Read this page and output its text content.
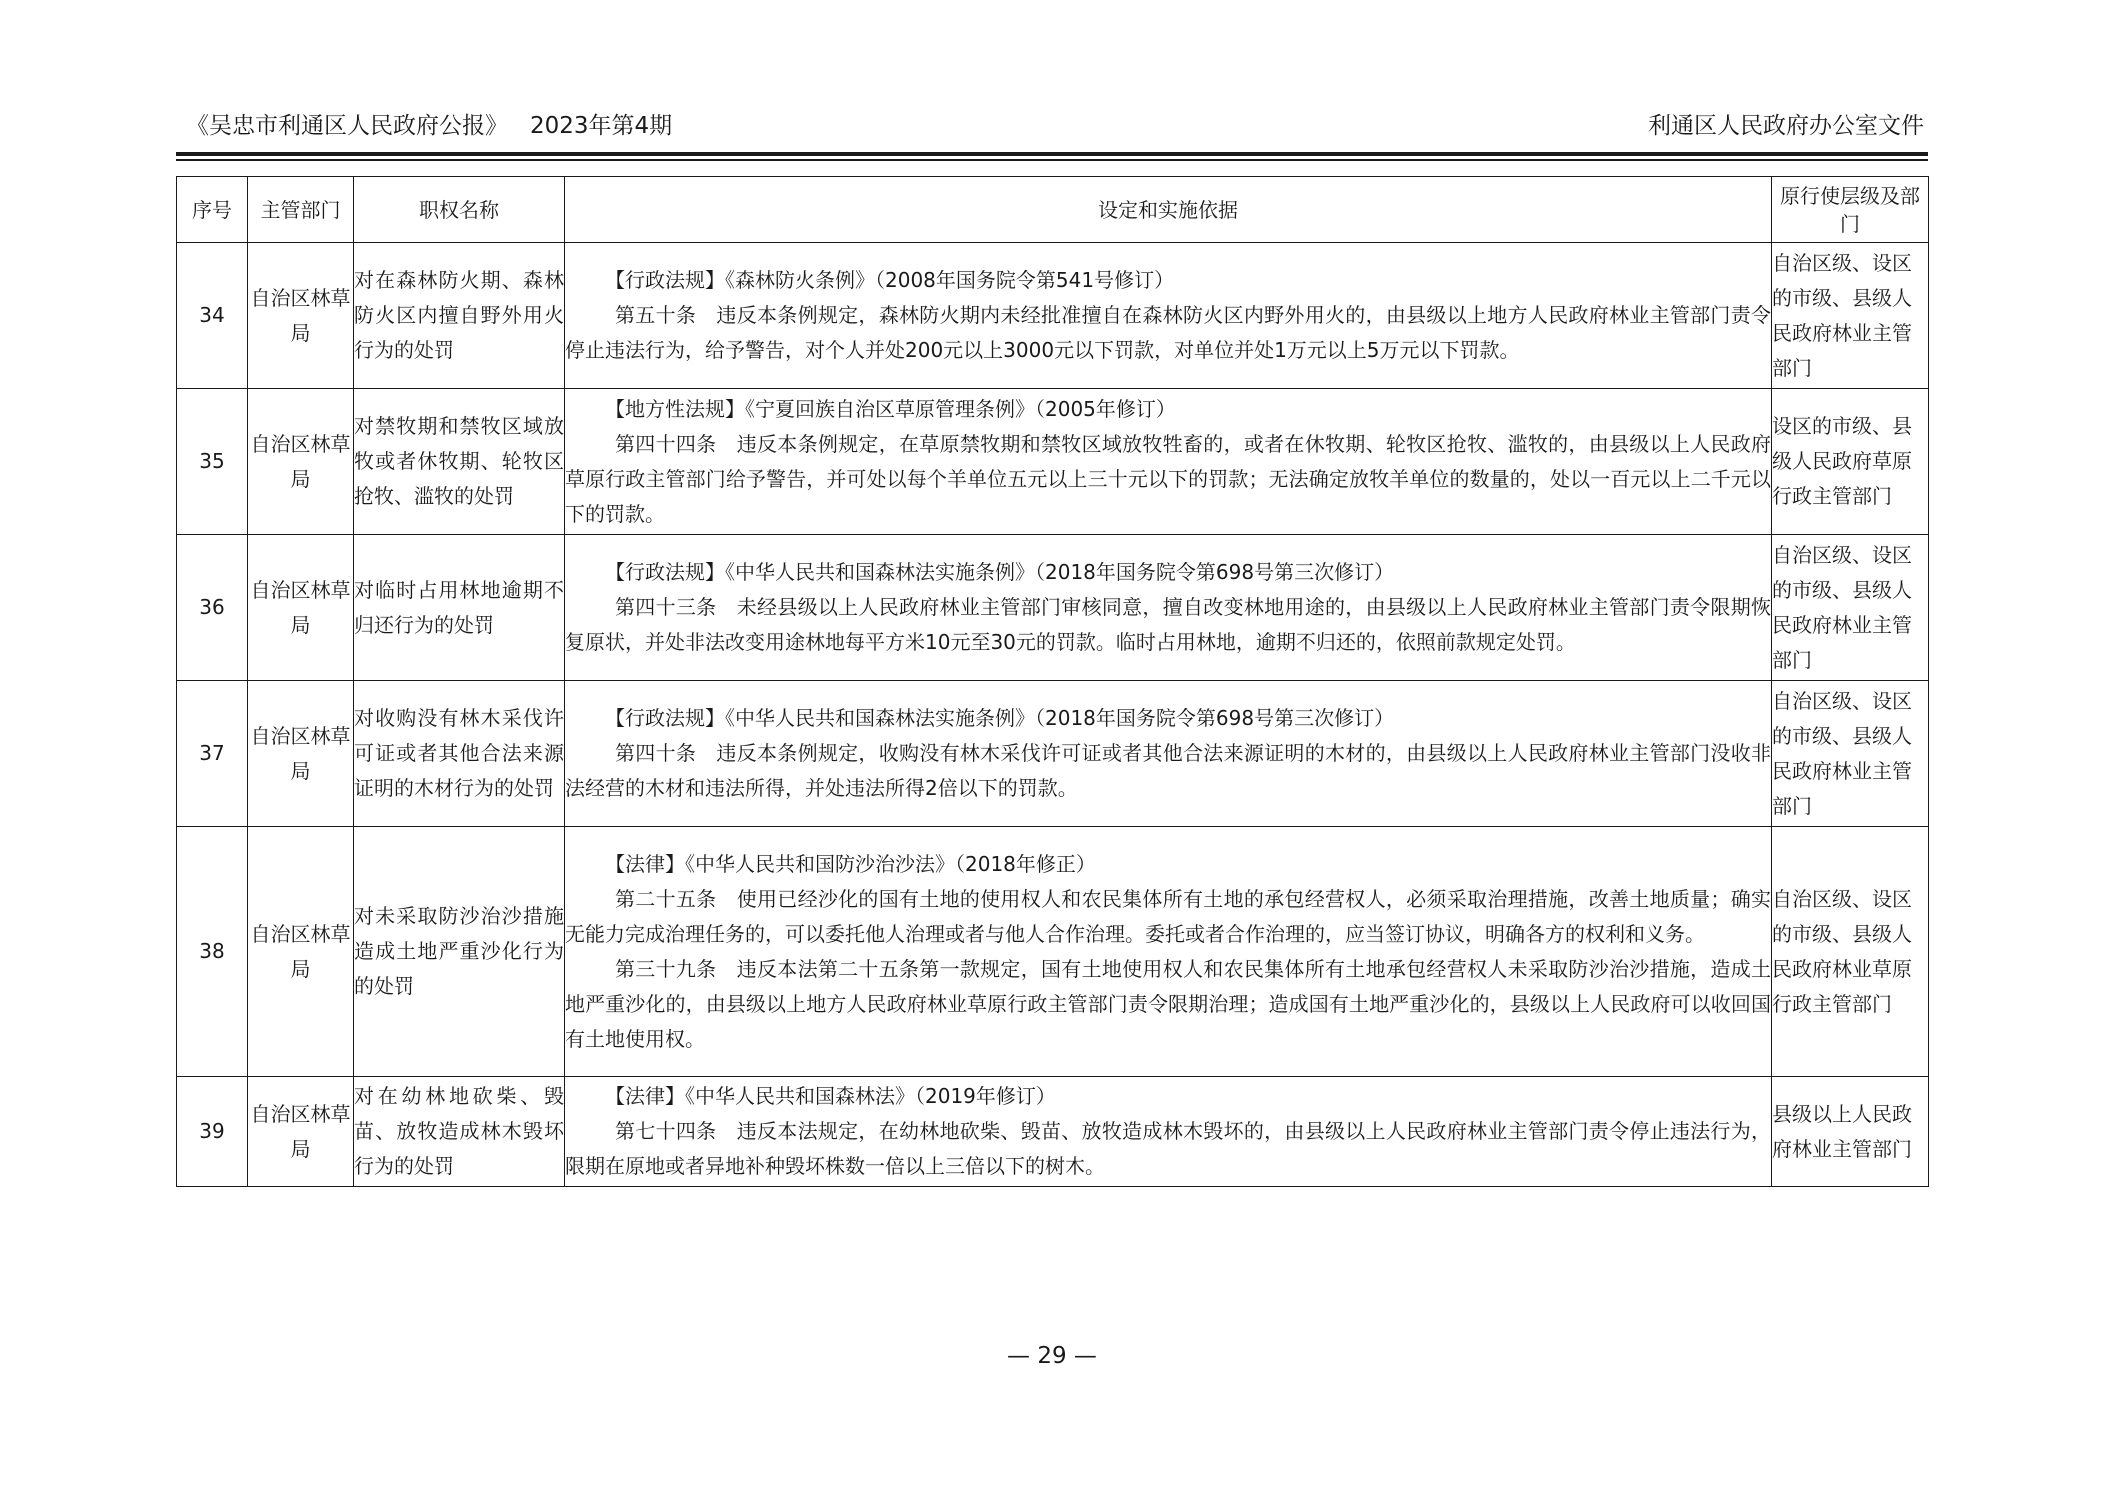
《吴忠市利通区人民政府公报》 2023年第4期	利通区人民政府办公室文件
序号	主管部门	职权名称	设定和实施依据	原行使层级及部门
34	自治区林草局	对在森林防火期、森林防火区内擅自野外用火行为的处罚	【行政法规】《森林防火条例》（2008年国务院令第541号修订）
第五十条　违反本条例规定，森林防火期内未经批准擅自在森林防火区内野外用火的，由县级以上地方人民政府林业主管部门责令停止违法行为，给予警告，对个人并处200元以上3000元以下罚款，对单位并处1万元以上5万元以下罚款。	自治区级、设区的市级、县级人民政府林业主管部门
35	自治区林草局	对禁牧期和禁牧区域放牧或者休牧期、轮牧区抢牧、滥牧的处罚	【地方性法规】《宁夏回族自治区草原管理条例》（2005年修订）
第四十四条　违反本条例规定，在草原禁牧期和禁牧区域放牧牲畜的，或者在休牧期、轮牧区抢牧、滥牧的，由县级以上人民政府草原行政主管部门给予警告，并可处以每个羊单位五元以上三十元以下的罚款；无法确定放牧羊单位的数量的，处以一百元以上二千元以下的罚款。	设区的市级、县级人民政府草原行政主管部门
36	自治区林草局	对临时占用林地逾期不归还行为的处罚	【行政法规】《中华人民共和国森林法实施条例》（2018年国务院令第698号第三次修订）
第四十三条　未经县级以上人民政府林业主管部门审核同意，擅自改变林地用途的，由县级以上人民政府林业主管部门责令限期恢复原状，并处非法改变用途林地每平方米10元至30元的罚款。临时占用林地，逾期不归还的，依照前款规定处罚。	自治区级、设区的市级、县级人民政府林业主管部门
37	自治区林草局	对收购没有林木采伐许可证或者其他合法来源证明的木材行为的处罚	【行政法规】《中华人民共和国森林法实施条例》（2018年国务院令第698号第三次修订）
第四十条　违反本条例规定，收购没有林木采伐许可证或者其他合法来源证明的木材的，由县级以上人民政府林业主管部门没收非法经营的木材和违法所得，并处违法所得2倍以下的罚款。	自治区级、设区的市级、县级人民政府林业主管部门
38	自治区林草局	对未采取防沙治沙措施造成土地严重沙化行为的处罚	【法律】《中华人民共和国防沙治沙法》（2018年修正）
第二十五条　使用已经沙化的国有土地的使用权人和农民集体所有土地的承包经营权人，必须采取治理措施，改善土地质量；确实无能力完成治理任务的，可以委托他人治理或者与他人合作治理。委托或者合作治理的，应当签订协议，明确各方的权利和义务。
第三十九条　违反本法第二十五条第一款规定，国有土地使用权人和农民集体所有土地承包经营权人未采取防沙治沙措施，造成土地严重沙化的，由县级以上地方人民政府林业草原行政主管部门责令限期治理；造成国有土地严重沙化的，县级以上人民政府可以收回国有土地使用权。	自治区级、设区的市级、县级人民政府林业草原行政主管部门
39	自治区林草局	对在幼林地砍柴、毁苗、放牧造成林木毁坏行为的处罚	【法律】《中华人民共和国森林法》（2019年修订）
第七十四条　违反本法规定，在幼林地砍柴、毁苗、放牧造成林木毁坏的，由县级以上人民政府林业主管部门责令停止违法行为，限期在原地或者异地补种毁坏株数一倍以上三倍以下的树木。	县级以上人民政府林业主管部门
— 29 —
